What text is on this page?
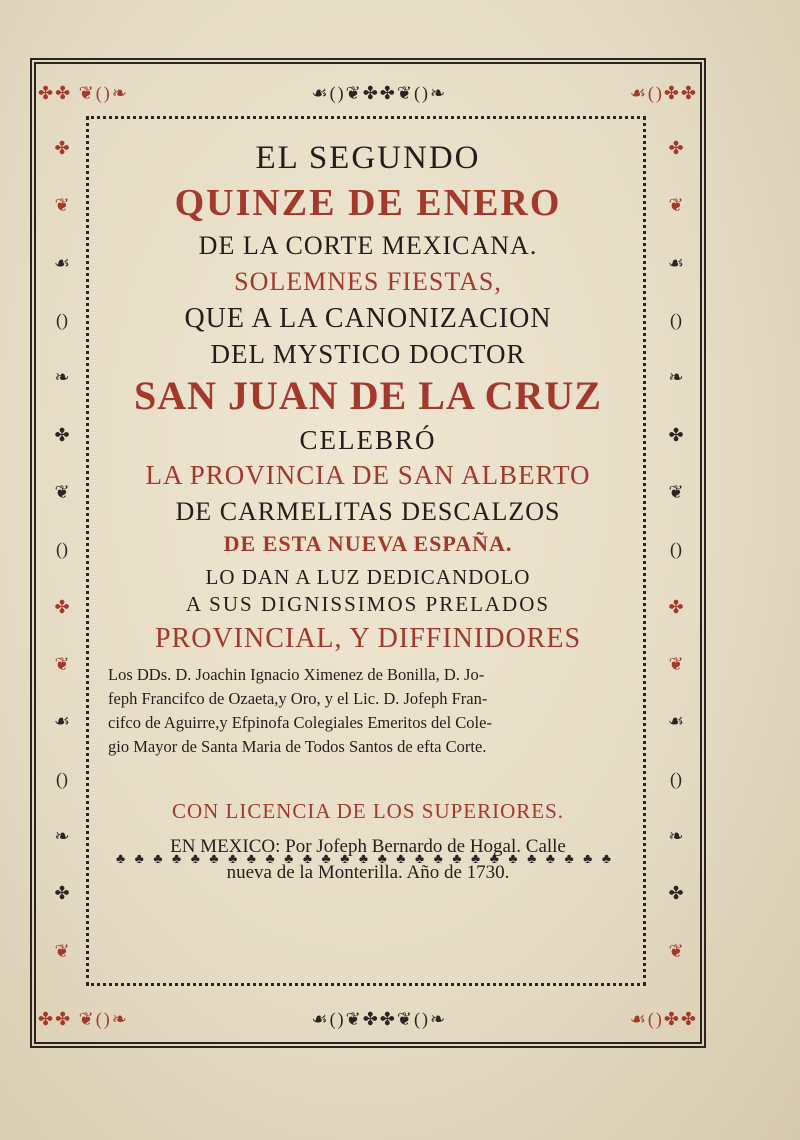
✤✤ ❦()❧	☙()❦✤✤❦()❧	☙()✤✤
✤✤ ❦()❧	☙()❦✤✤❦()❧	☙()✤✤
✤
❦
☙
()
❧
✤
❦
()
✤
❦
☙
()
❧
✤
❦
✤
❦
☙
()
❧
✤
❦
()
✤
❦
☙
()
❧
✤
❦
♣ ♣ ♣ ♣ ♣ ♣ ♣ ♣ ♣ ♣ ♣ ♣ ♣ ♣ ♣ ♣ ♣ ♣ ♣ ♣ ♣ ♣ ♣ ♣ ♣ ♣ ♣
EL SEGUNDO
QUINZE DE ENERO
DE LA CORTE MEXICANA.
SOLEMNES FIESTAS,
QUE A LA CANONIZACION
DEL MYSTICO DOCTOR
SAN JUAN DE LA CRUZ
CELEBRÓ
LA PROVINCIA DE SAN ALBERTO
DE CARMELITAS DESCALZOS
DE ESTA NUEVA ESPAÑA.
LO DAN A LUZ DEDICANDOLO
A SUS DIGNISSIMOS PRELADOS
PROVINCIAL, Y DIFFINIDORES
Los DDs. D. Joachin Ignacio Ximenez de Bonilla, D. Jo-
feph Francifco de Ozaeta,y Oro, y el Lic. D. Jofeph Fran-
cifco de Aguirre,y Efpinofa Colegiales Emeritos del Cole-
gio Mayor de Santa Maria de Todos Santos de efta Corte.
CON LICENCIA DE LOS SUPERIORES.
EN MEXICO: Por Jofeph Bernardo de Hogal. Calle
nueva de la Monterilla. Año de 1730.
